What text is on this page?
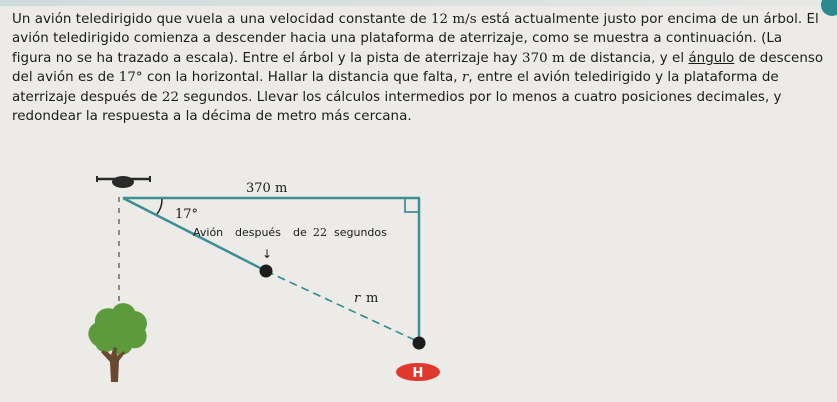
Un avión teledirigido que vuela a una velocidad constante de 12 m/s está actualmente justo por encima de un árbol. El avión teledirigido comienza a descender hacia una plataforma de aterrizaje, como se muestra a continuación. (La figura no se ha trazado a escala). Entre el árbol y la pista de aterrizaje hay 370 m de distancia, y el ángulo de descenso del avión es de 17° con la horizontal. Hallar la distancia que falta, r, entre el avión teledirigido y la plataforma de aterrizaje después de 22 segundos. Llevar los cálculos intermedios por lo menos a cuatro posiciones decimales, y redondear la respuesta a la décima de metro más cercana.

H
370 m
17°
Avión después de 22 segundos
↓
r m
